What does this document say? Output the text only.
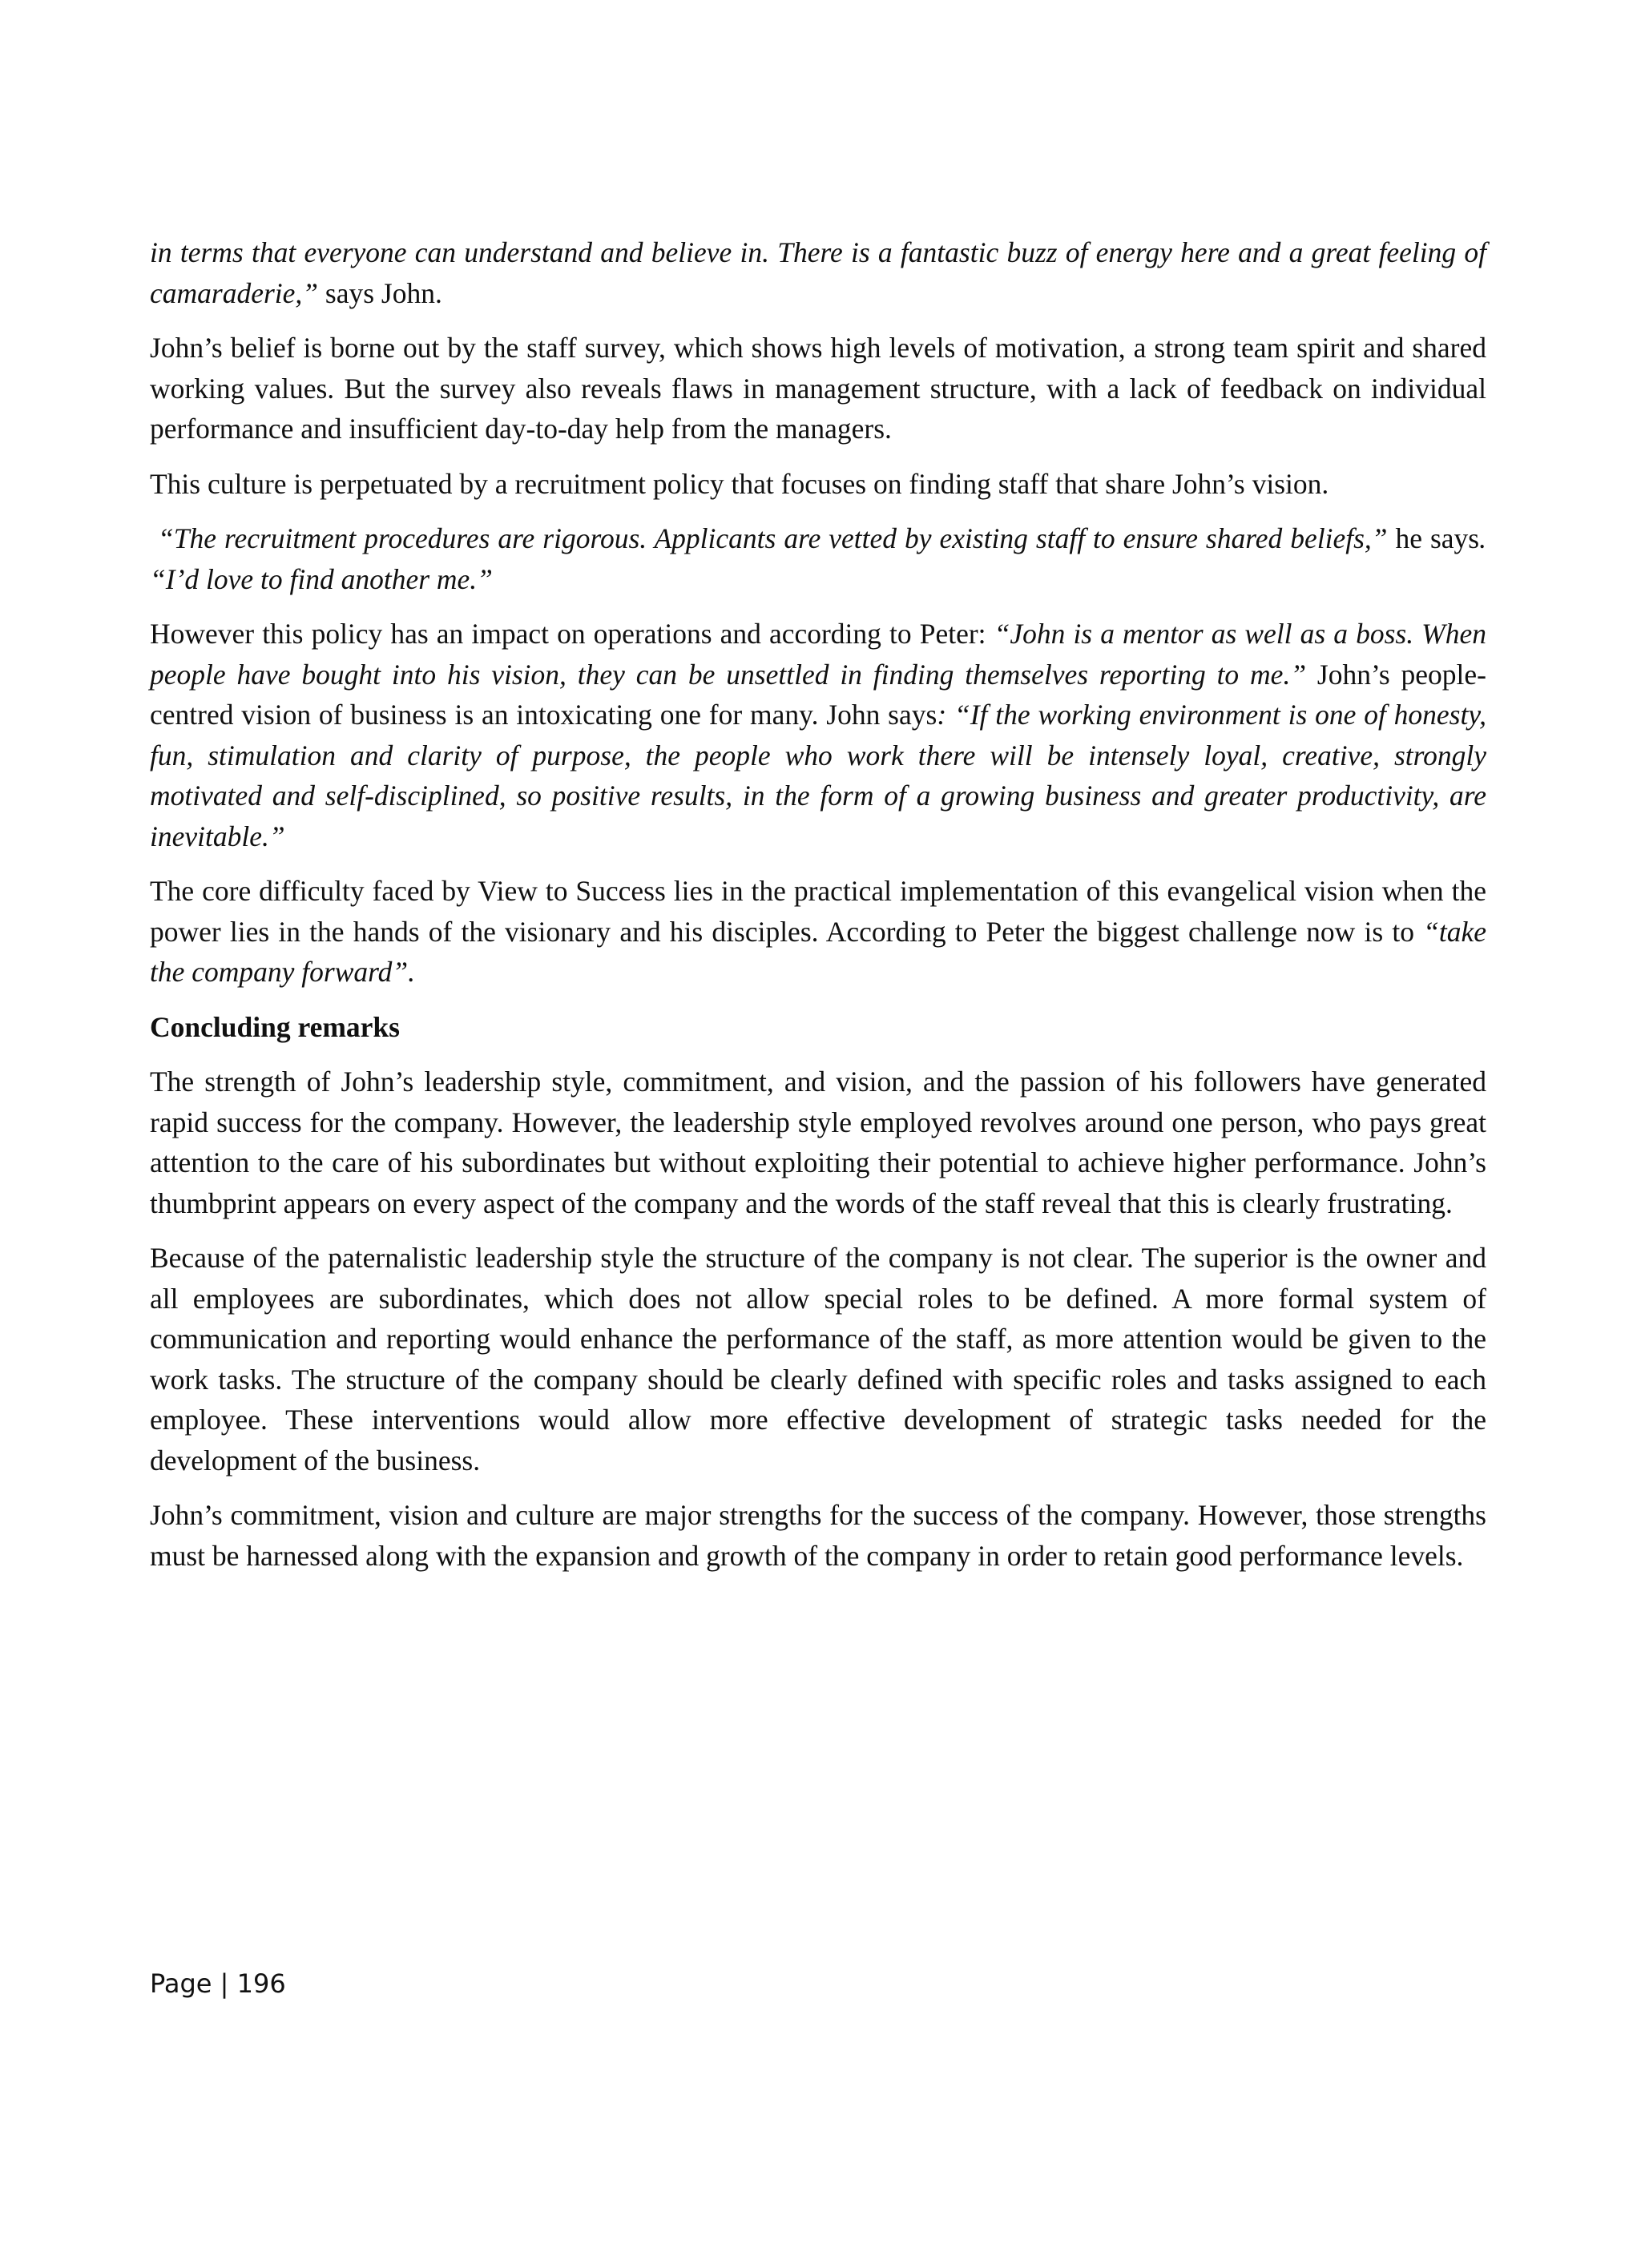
in terms that everyone can understand and believe in. There is a fantastic buzz of energy here and a great feeling of camaraderie,” says John.

John’s belief is borne out by the staff survey, which shows high levels of motivation, a strong team spirit and shared working values. But the survey also reveals flaws in management structure, with a lack of feedback on individual performance and insufficient day-to-day help from the managers.

This culture is perpetuated by a recruitment policy that focuses on finding staff that share John’s vision.

“The recruitment procedures are rigorous. Applicants are vetted by existing staff to ensure shared beliefs,” he says. “I’d love to find another me.”

However this policy has an impact on operations and according to Peter: “John is a mentor as well as a boss. When people have bought into his vision, they can be unsettled in finding themselves reporting to me.” John’s people-centred vision of business is an intoxicating one for many. John says: “If the working environment is one of honesty, fun, stimulation and clarity of purpose, the people who work there will be intensely loyal, creative, strongly motivated and self-disciplined, so positive results, in the form of a growing business and greater productivity, are inevitable.”

The core difficulty faced by View to Success lies in the practical implementation of this evangelical vision when the power lies in the hands of the visionary and his disciples. According to Peter the biggest challenge now is to “take the company forward”.

Concluding remarks

The strength of John’s leadership style, commitment, and vision, and the passion of his followers have generated rapid success for the company. However, the leadership style employed revolves around one person, who pays great attention to the care of his subordinates but without exploiting their potential to achieve higher performance. John’s thumbprint appears on every aspect of the company and the words of the staff reveal that this is clearly frustrating.

Because of the paternalistic leadership style the structure of the company is not clear. The superior is the owner and all employees are subordinates, which does not allow special roles to be defined. A more formal system of communication and reporting would enhance the performance of the staff, as more attention would be given to the work tasks. The structure of the company should be clearly defined with specific roles and tasks assigned to each employee. These interventions would allow more effective development of strategic tasks needed for the development of the business.

John’s commitment, vision and culture are major strengths for the success of the company. However, those strengths must be harnessed along with the expansion and growth of the company in order to retain good performance levels.

Page | 196
